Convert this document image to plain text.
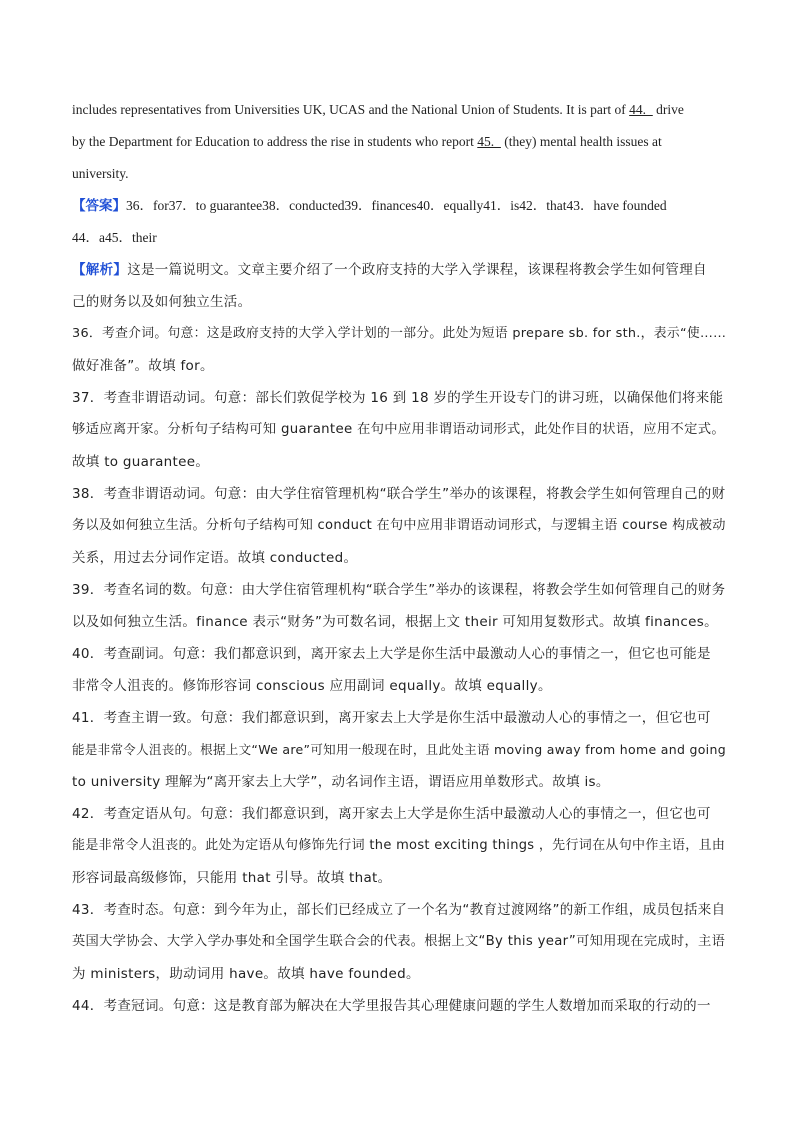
includes representatives from Universities UK, UCAS and the National Union of Students. It is part of 44.   drive
by the Department for Education to address the rise in students who report 45.   (they) mental health issues at
university.
【答案】36．for37．to guarantee38．conducted39．finances40．equally41．is42．that43．have founded
44．a45．their
【解析】这是一篇说明文。文章主要介绍了一个政府支持的大学入学课程，该课程将教会学生如何管理自
己的财务以及如何独立生活。
36．考查介词。句意：这是政府支持的大学入学计划的一部分。此处为短语 prepare sb. for sth.，表示“使……
做好准备”。故填 for。
37．考查非谓语动词。句意：部长们敦促学校为 16 到 18 岁的学生开设专门的讲习班，以确保他们将来能
够适应离开家。分析句子结构可知 guarantee 在句中应用非谓语动词形式，此处作目的状语，应用不定式。
故填 to guarantee。
38．考查非谓语动词。句意：由大学住宿管理机构“联合学生”举办的该课程，将教会学生如何管理自己的财
务以及如何独立生活。分析句子结构可知 conduct 在句中应用非谓语动词形式，与逻辑主语 course 构成被动
关系，用过去分词作定语。故填 conducted。
39．考查名词的数。句意：由大学住宿管理机构“联合学生”举办的该课程，将教会学生如何管理自己的财务
以及如何独立生活。finance 表示“财务”为可数名词，根据上文 their 可知用复数形式。故填 finances。
40．考查副词。句意：我们都意识到，离开家去上大学是你生活中最激动人心的事情之一，但它也可能是
非常令人沮丧的。修饰形容词 conscious 应用副词 equally。故填 equally。
41．考查主谓一致。句意：我们都意识到，离开家去上大学是你生活中最激动人心的事情之一，但它也可
能是非常令人沮丧的。根据上文“We are”可知用一般现在时，且此处主语 moving away from home and going
to university 理解为“离开家去上大学”，动名词作主语，谓语应用单数形式。故填 is。
42．考查定语从句。句意：我们都意识到，离开家去上大学是你生活中最激动人心的事情之一，但它也可
能是非常令人沮丧的。此处为定语从句修饰先行词 the most exciting things ，先行词在从句中作主语，且由
形容词最高级修饰，只能用 that 引导。故填 that。
43．考查时态。句意：到今年为止，部长们已经成立了一个名为“教育过渡网络”的新工作组，成员包括来自
英国大学协会、大学入学办事处和全国学生联合会的代表。根据上文“By this year”可知用现在完成时，主语
为 ministers，助动词用 have。故填 have founded。
44．考查冠词。句意：这是教育部为解决在大学里报告其心理健康问题的学生人数增加而采取的行动的一
